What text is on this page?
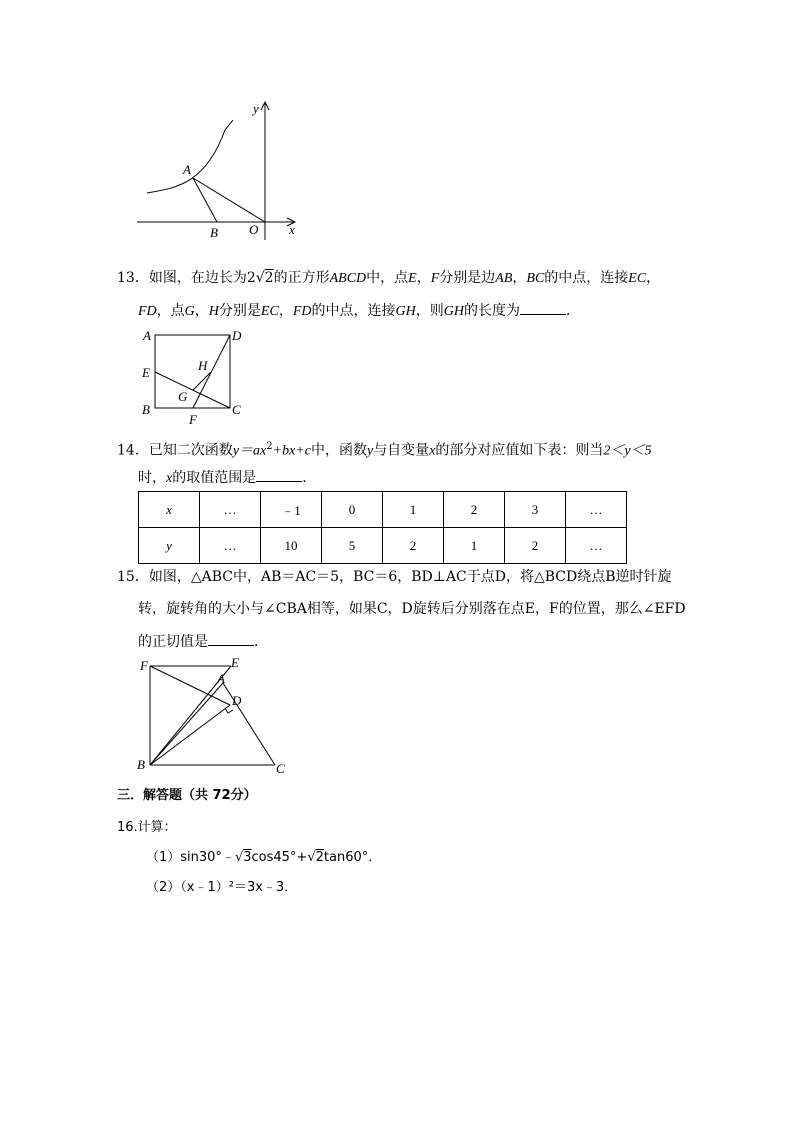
y
x
A
B O
13．如图，在边长为2√2的正方形ABCD中，点E，F分别是边AB，BC的中点，连接EC，
FD，点G，H分别是EC，FD的中点，连接GH，则GH的长度为	．
A	D
E	H
G
B
F
C
14．已知二次函数$y=ax^2+bx+c$中，函数y与自变量x的部分对应值如下表：则当2＜y＜5
时，x的取值范围是	．
x	…	﹣1	0	1	2	3	…
y	…	10	5	2	1	2	…
15．如图，△ABC中，AB＝AC＝5，BC＝6，BD⊥AC于点D，将△BCD绕点B逆时针旋
转，旋转角的大小与∠CBA相等，如果C，D旋转后分别落在点E，F的位置，那么∠EFD
的正切值是	．
F	E
A
D
B	C
三．解答题（共 72分）
16.计算：
（1）sin30°﹣√3cos45°+√2tan60°．
（2）（x﹣1）²＝3x﹣3．
